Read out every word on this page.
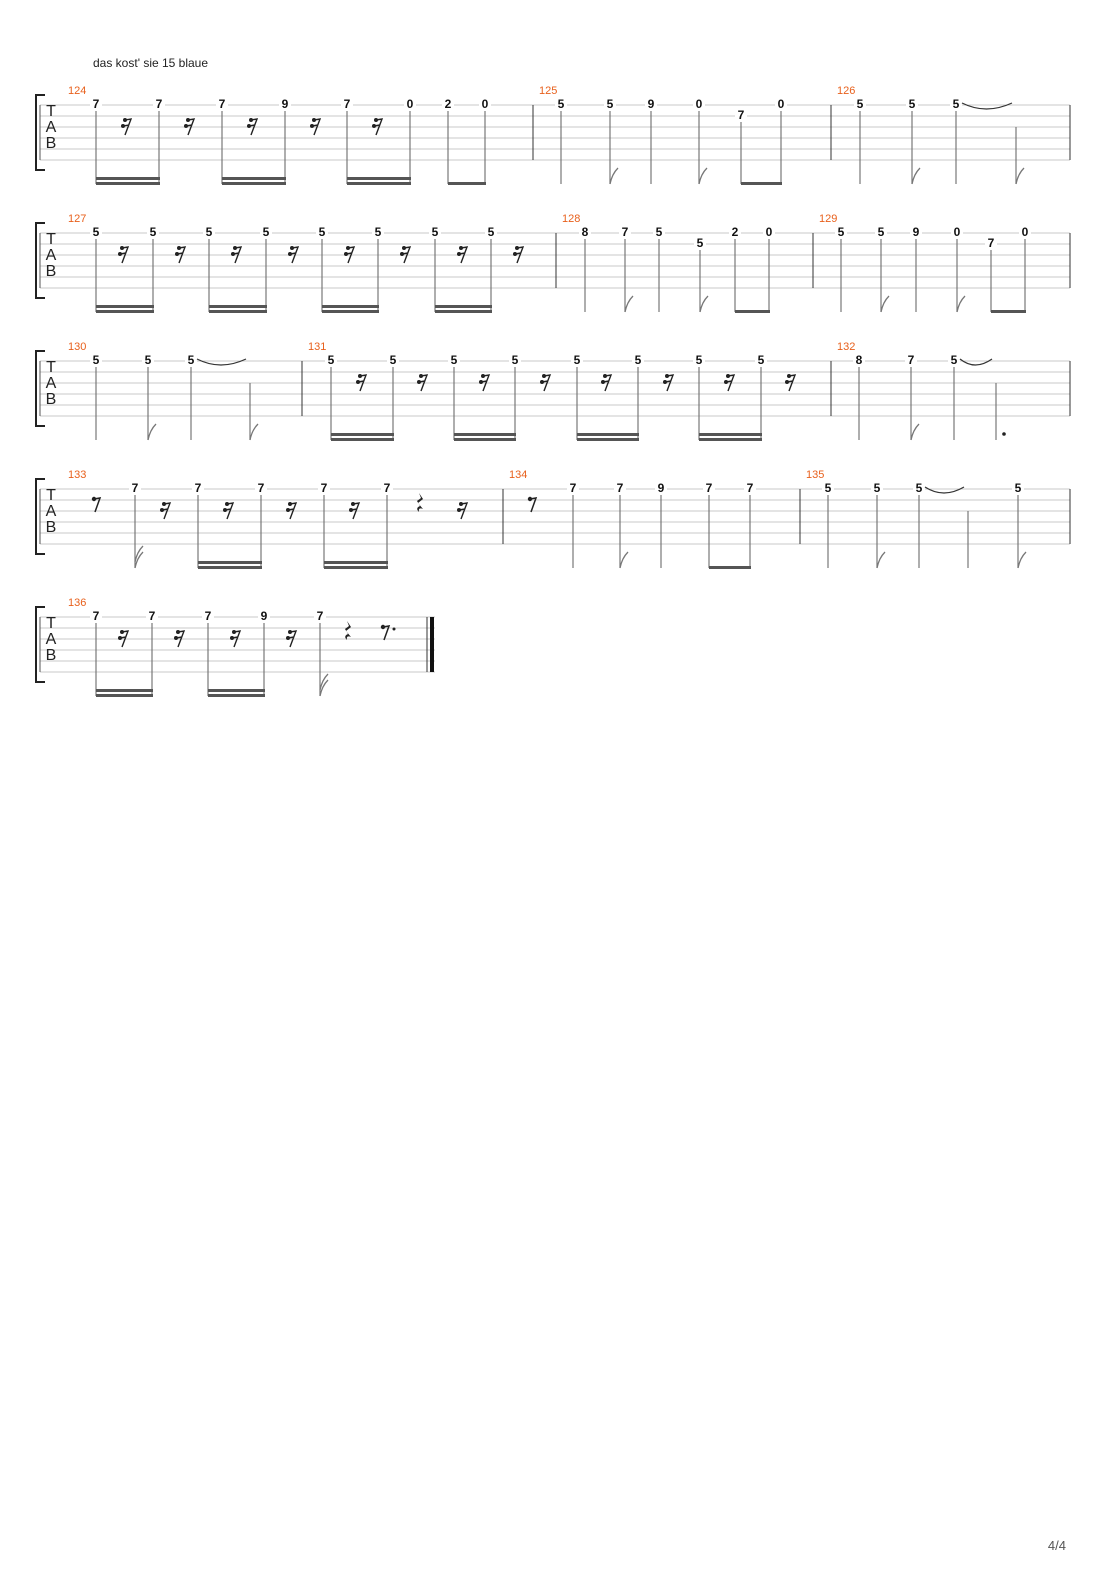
das kost' sie 15 blaue
T
A
B
124
7	7	7	9	7	0	2	0
125
5	5	9	0
7
0
126
5	5	5
T
A
B
127
5	5	5	5	5	5	5	5
128
8	7 5
5
2 0
129
5	5 9	0
7
0
T
A
B
130
5	5	5
131
5	5	5	5	5	5	5	5
132
8	7	5
T
A
B
133
7	7	7	7	7
134
7	7	9	7	7
135
5	5	5	5
T
A
B
136
7	7	7	9	7
4/4
